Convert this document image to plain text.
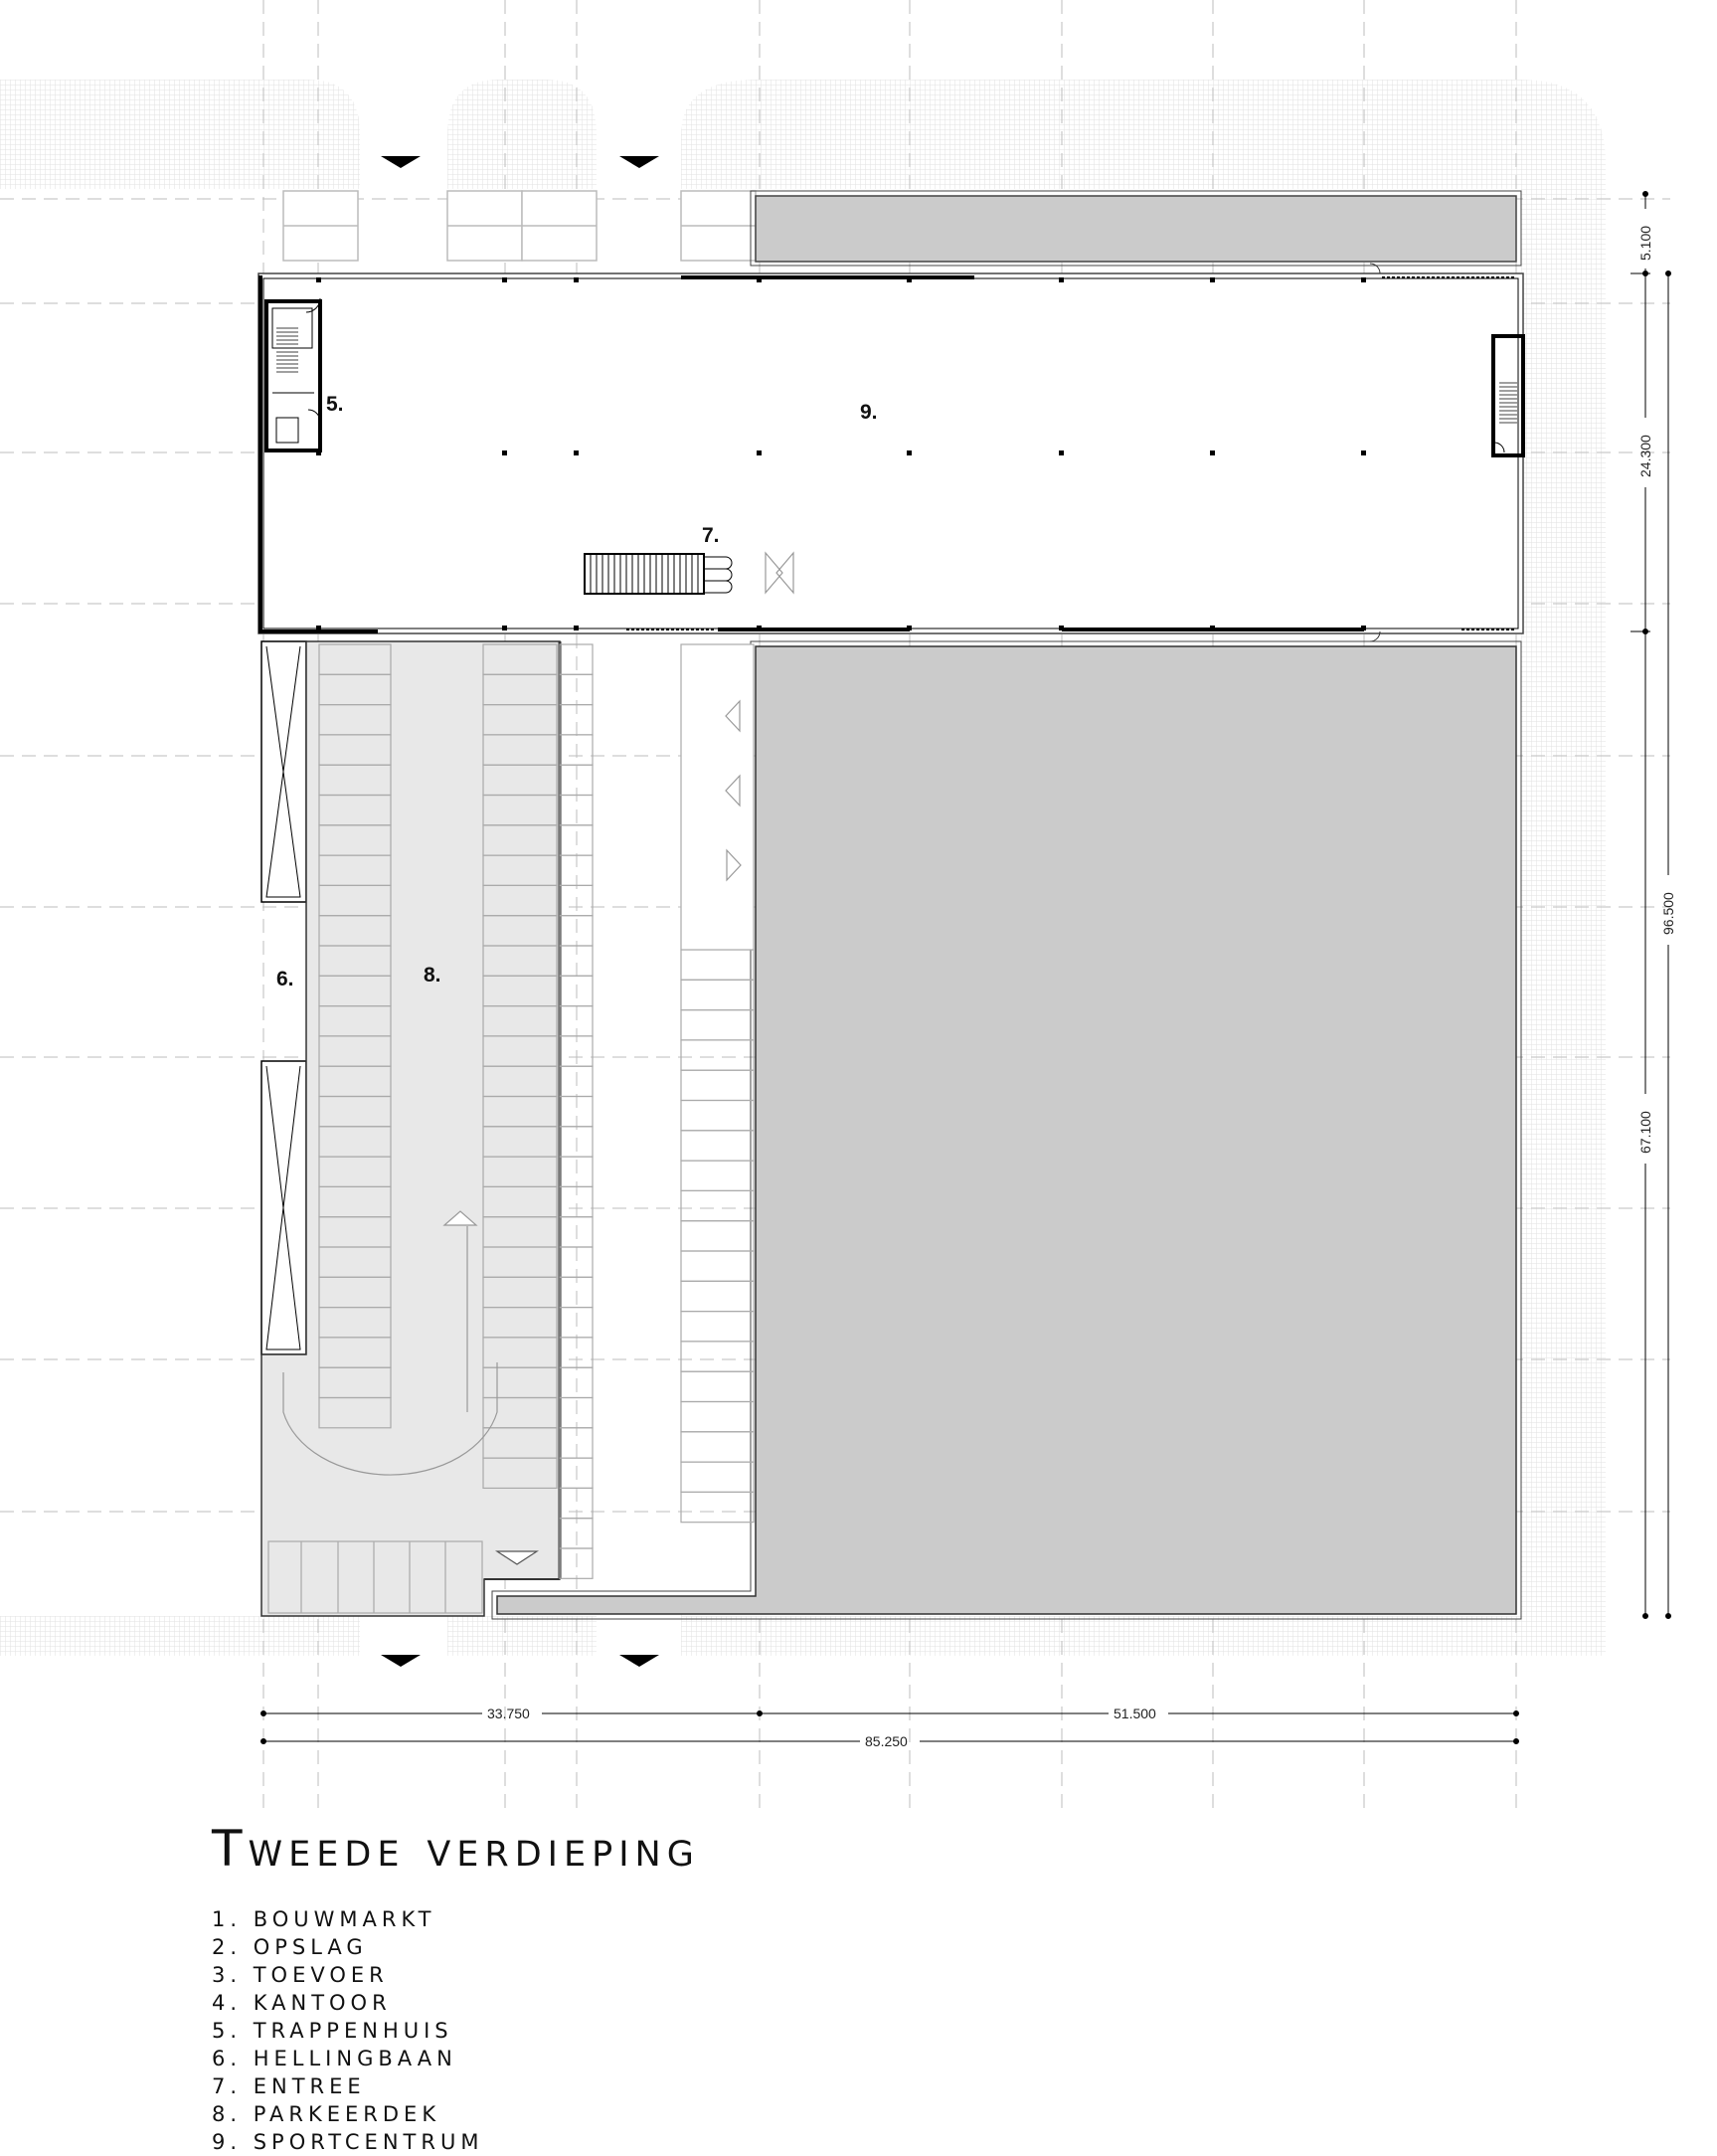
5.	9.
7.
6.	8.
33.750	51.500
85.250
5.100
24.300
67.100
96.500
Tweede verdieping
1. BOUWMARKT
2. OPSLAG
3. TOEVOER
4. KANTOOR
5. TRAPPENHUIS
6. HELLINGBAAN
7. ENTREE
8. PARKEERDEK
9. SPORTCENTRUM
